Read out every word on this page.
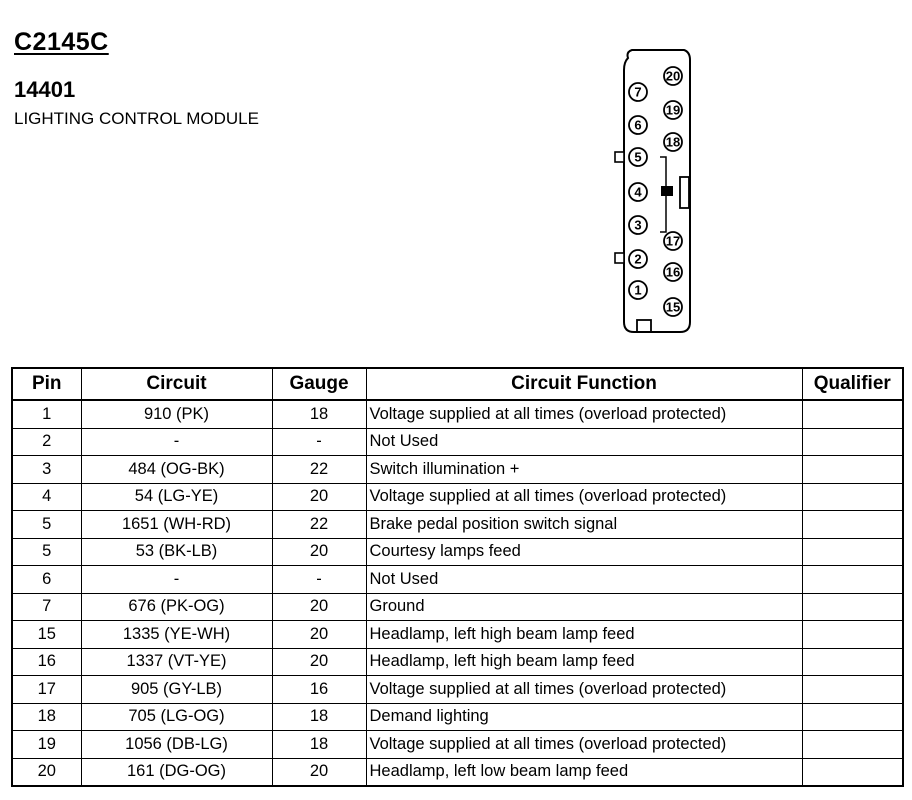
C2145C
14401
LIGHTING CONTROL MODULE
7
6
5
4
3
2
1
20
19
18
17
16
15
Pin	Circuit	Gauge	Circuit Function	Qualifier
1	910 (PK)	18	Voltage supplied at all times (overload protected)	
2	-	-	Not Used	
3	484 (OG-BK)	22	Switch illumination +	
4	54 (LG-YE)	20	Voltage supplied at all times (overload protected)	
5	1651 (WH-RD)	22	Brake pedal position switch signal	
5	53 (BK-LB)	20	Courtesy lamps feed	
6	-	-	Not Used	
7	676 (PK-OG)	20	Ground	
15	1335 (YE-WH)	20	Headlamp, left high beam lamp feed	
16	1337 (VT-YE)	20	Headlamp, left high beam lamp feed	
17	905 (GY-LB)	16	Voltage supplied at all times (overload protected)	
18	705 (LG-OG)	18	Demand lighting	
19	1056 (DB-LG)	18	Voltage supplied at all times (overload protected)	
20	161 (DG-OG)	20	Headlamp, left low beam lamp feed	
